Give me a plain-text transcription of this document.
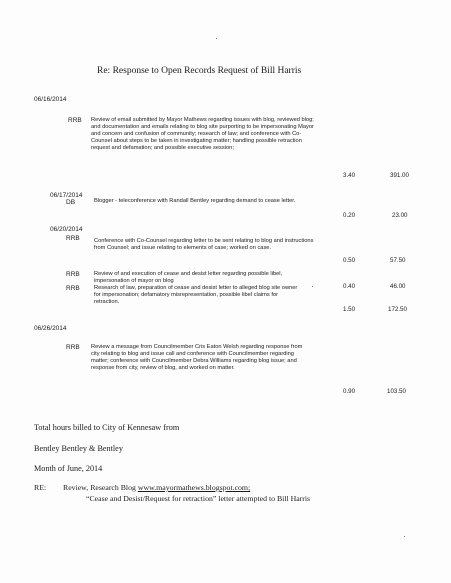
Re: Response to Open Records Request of Bill Harris
06/16/2014
RRB Review of email submitted by Mayor Mathews regarding issues with blog, reviewed blog; and documentation and emails relating to blog site purporting to be impersonating Mayor and concern and confusion of community; research of law; and conference with Co-Counsel about steps to be taken in investigating matter; handling possible retraction request and defamation; and possible executive session;
3.40	391.00
06/17/2014
DB	Blogger - teleconference with Randall Bentley regarding demand to cease letter.
0.20	23.00
06/20/2014
RRB	Conference with Co-Counsel regarding letter to be sent relating to blog and instructions from Counsel; and issue relating to elements of case; worked on case.
0.50	57.50
RRB	Review of and execution of cease and desist letter regarding possible libel, impersonation of mayor on blog
0.40	46.00
RRB	Research of law, preparation of cease and desist letter to alleged blog site owner for impersonation; defamatory misrepresentation, possible libel claims for retraction.
1.50	172.50
06/26/2014
RRB Review a message from Councilmember Cris Eaton Welsh regarding response from city relating to blog and issue call and conference with Councilmember regarding matter; conference with Councilmember Debra Williams regarding blog issue; and response from city, review of blog, and worked on matter.
0.90	103.50
Total hours billed to City of Kennesaw from
Bentley Bentley & Bentley
Month of June, 2014
RE: Review, Research Blog www.mayormathews.blogspot.com;
“Cease and Desist/Request for retraction” letter attempted to Bill Harris
